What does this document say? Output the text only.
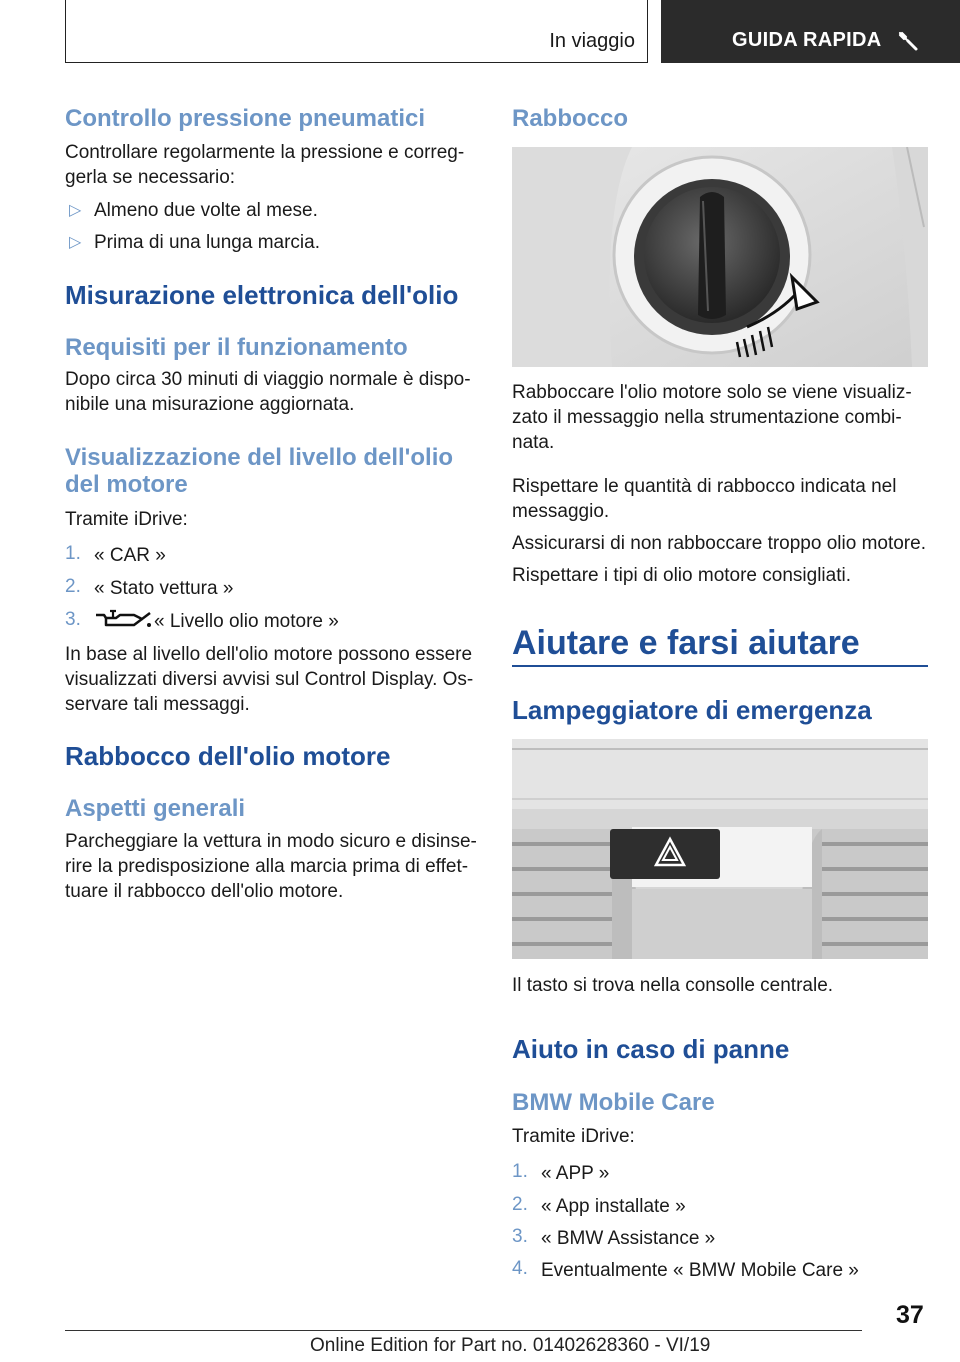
In viaggio	GUIDA RAPIDA
Controllo pressione pneumatici

Controllare regolarmente la pressione e correg-

gerla se necessario:

▷ Almeno due volte al mese.
▷ Prima di una lunga marcia.
Misurazione elettronica dell'olio
Requisiti per il funzionamento

Dopo circa 30 minuti di viaggio normale è dispo-

nibile una misurazione aggiornata.

Visualizzazione del livello dell'olio
del motore

Tramite iDrive:

1. « CAR »
2. « Stato vettura »
3.	« Livello olio motore »

In base al livello dell'olio motore possono essere

visualizzati diversi avvisi sul Control Display. Os-

servare tali messaggi.

Rabbocco dell'olio motore
Aspetti generali

Parcheggiare la vettura in modo sicuro e disinse-

rire la predisposizione alla marcia prima di effet-

tuare il rabbocco dell'olio motore.

Rabbocco

Rabboccare l'olio motore solo se viene visualiz-

zato il messaggio nella strumentazione combi-

nata.

Rispettare le quantità di rabbocco indicata nel

messaggio.

Assicurarsi di non rabboccare troppo olio motore.

Rispettare i tipi di olio motore consigliati.

Aiutare e farsi aiutare
Lampeggiatore di emergenza

Il tasto si trova nella consolle centrale.

Aiuto in caso di panne
BMW Mobile Care

Tramite iDrive:

1. « APP »
2. « App installate »
3. « BMW Assistance »
4. Eventualmente « BMW Mobile Care »
37
Online Edition for Part no. 01402628360 - VI/19
